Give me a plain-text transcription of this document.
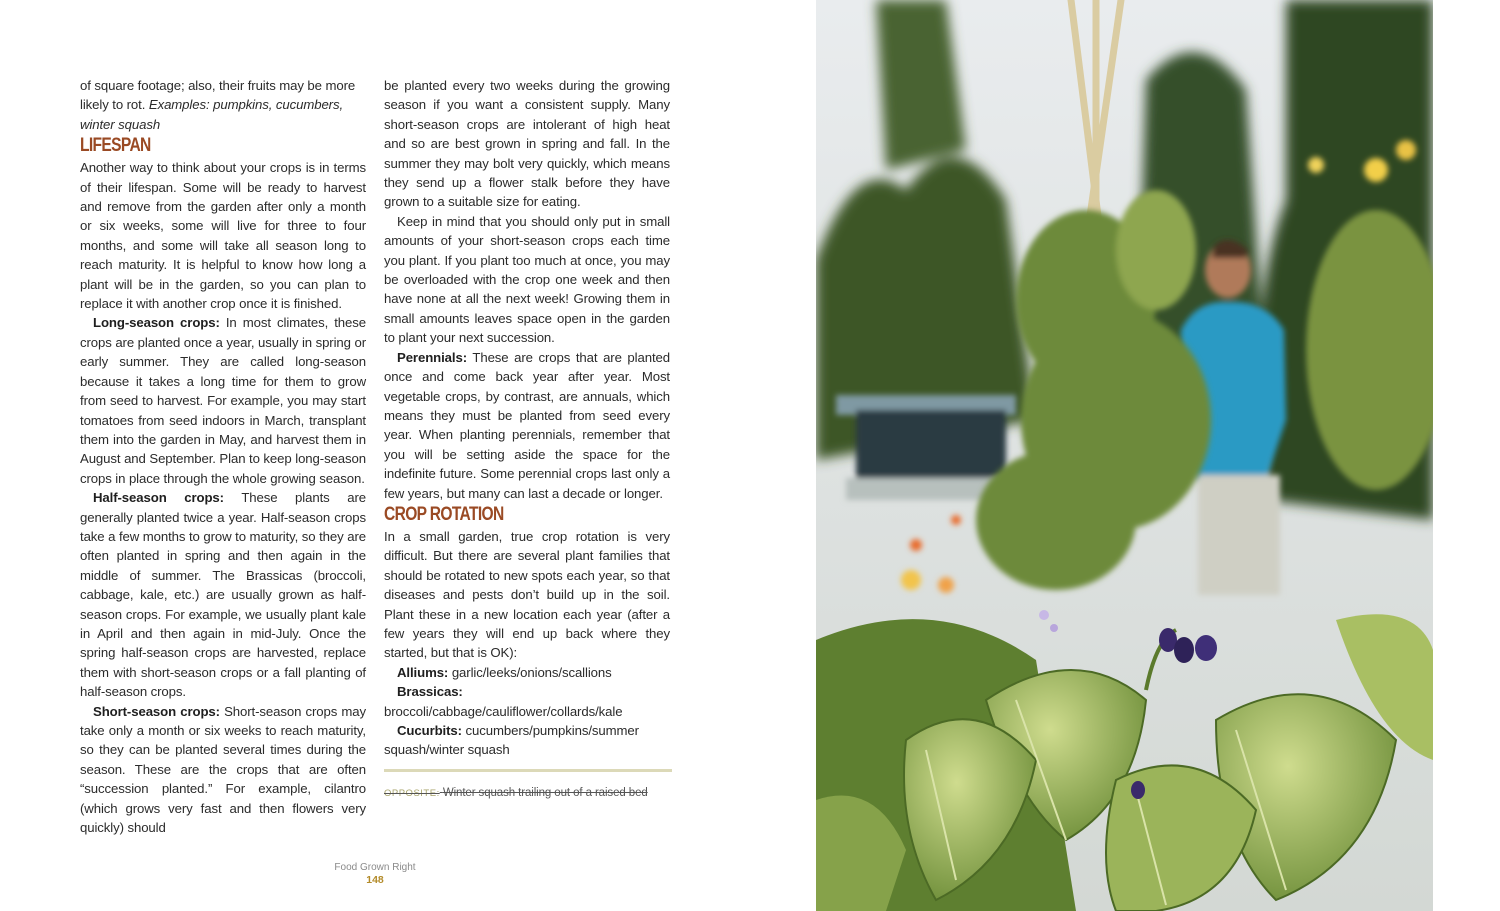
of square footage; also, their fruits may be more likely to rot. Examples: pumpkins, cucumbers, winter squash

LIFESPAN

Another way to think about your crops is in terms of their lifespan. Some will be ready to harvest and remove from the garden after only a month or six weeks, some will live for three to four months, and some will take all season long to reach maturity. It is helpful to know how long a plant will be in the garden, so you can plan to replace it with another crop once it is finished.

Long-season crops: In most climates, these crops are planted once a year, usually in spring or early summer. They are called long-season because it takes a long time for them to grow from seed to harvest. For example, you may start tomatoes from seed indoors in March, transplant them into the garden in May, and harvest them in August and September. Plan to keep long-season crops in place through the whole growing season.

Half-season crops: These plants are generally planted twice a year. Half-season crops take a few months to grow to maturity, so they are often planted in spring and then again in the middle of summer. The Brassicas (broccoli, cabbage, kale, etc.) are usually grown as half-season crops. For example, we usually plant kale in April and then again in mid-July. Once the spring half-season crops are harvested, replace them with short-season crops or a fall planting of half-season crops.

Short-season crops: Short-season crops may take only a month or six weeks to reach maturity, so they can be planted several times during the season. These are the crops that are often “succession planted.” For example, cilantro (which grows very fast and then flowers very quickly) should

be planted every two weeks during the growing season if you want a consistent supply. Many short-season crops are intolerant of high heat and so are best grown in spring and fall. In the summer they may bolt very quickly, which means they send up a flower stalk before they have grown to a suitable size for eating.

Keep in mind that you should only put in small amounts of your short-season crops each time you plant. If you plant too much at once, you may be overloaded with the crop one week and then have none at all the next week! Growing them in small amounts leaves space open in the garden to plant your next succession.

Perennials: These are crops that are planted once and come back year after year. Most vegetable crops, by contrast, are annuals, which means they must be planted from seed every year. When planting perennials, remember that you will be setting aside the space for the indefinite future. Some perennial crops last only a few years, but many can last a decade or longer.

CROP ROTATION

In a small garden, true crop rotation is very difficult. But there are several plant families that should be rotated to new spots each year, so that diseases and pests don’t build up in the soil. Plant these in a new location each year (after a few years they will end up back where they started, but that is OK):

Alliums: garlic/leeks/onions/scallions

Brassicas: broccoli/cabbage/cauliflower/collards/kale

Cucurbits: cucumbers/pumpkins/summer squash/winter squash

OPPOSITE: Winter squash trailing out of a raised bed

Food Grown Right
148
